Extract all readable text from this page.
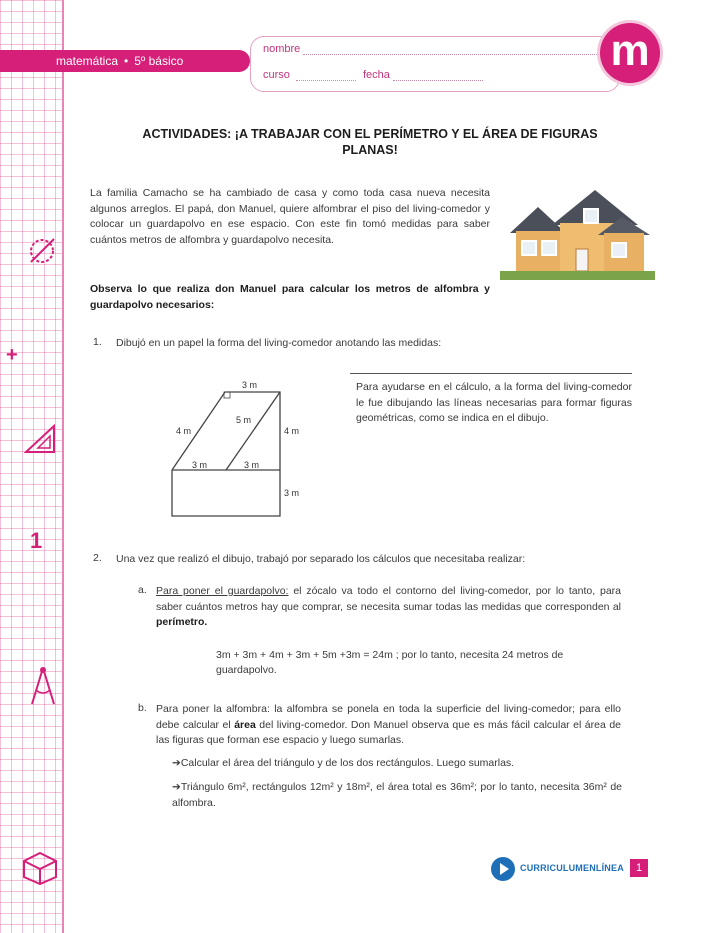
+
1
matemática • 5º básico
nombre
curso	fecha	m
ACTIVIDADES: ¡A TRABAJAR CON EL PERÍMETRO Y EL ÁREA DE FIGURAS
PLANAS!
La familia Camacho se ha cambiado de casa y como toda casa nueva necesita algunos arreglos. El papá, don Manuel, quiere alfombrar el piso del living-comedor y colocar un guardapolvo en ese espacio. Con este fin tomó medidas para saber cuántos metros de alfombra y guardapolvo necesita.
Observa lo que realiza don Manuel para calcular los metros de alfombra y guardapolvo necesarios:
1. Dibujó en un papel la forma del living-comedor anotando las medidas:
3 m
4 m
5 m
4 m
3 m	3 m
3 m
Para ayudarse en el cálculo, a la forma del living-comedor le fue dibujando las líneas necesarias para formar figuras geométricas, como se indica en el dibujo.
2. Una vez que realizó el dibujo, trabajó por separado los cálculos que necesitaba realizar:
a. Para poner el guardapolvo: el zócalo va todo el contorno del living-comedor, por lo tanto, para saber cuántos metros hay que comprar, se necesita sumar todas las medidas que corresponden al perímetro.
3m + 3m + 4m + 3m + 5m +3m = 24m ; por lo tanto, necesita 24 metros de
guardapolvo.
b. Para poner la alfombra: la alfombra se ponela en toda la superficie del living-comedor; para ello debe calcular el área del living-comedor. Don Manuel observa que es más fácil calcular el área de las figuras que forman ese espacio y luego sumarlas.
➔Calcular el área del triángulo y de los dos rectángulos. Luego sumarlas.
➔Triángulo 6m², rectángulos 12m² y 18m², el área total es 36m²; por lo tanto, necesita 36m² de alfombra.
CURRICULUMENLÍNEA	1
